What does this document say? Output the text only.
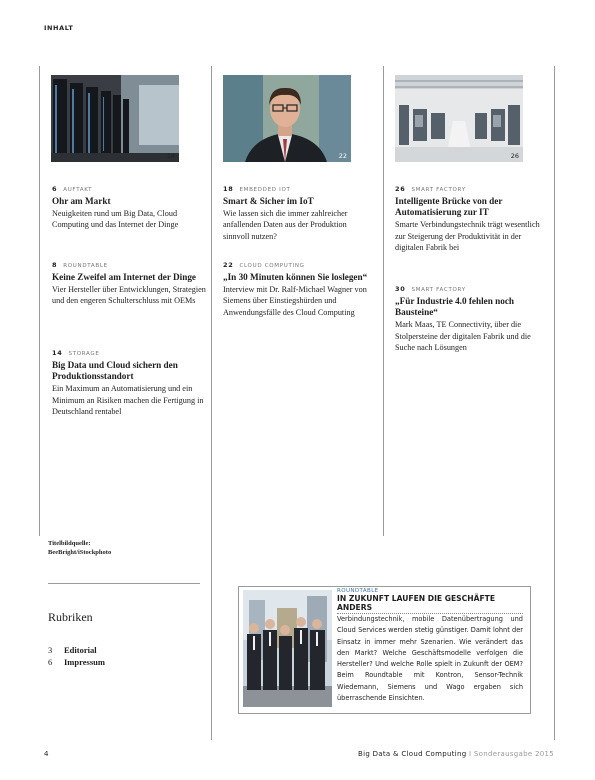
INHALT
14	22	26
6 AUFTAKT
Ohr am Markt
Neuigkeiten rund um Big Data, Cloud Computing und das Internet der Dinge
8 ROUNDTABLE
Keine Zweifel am Internet der Dinge
Vier Hersteller über Entwicklungen, Strategien und den engeren Schulterschluss mit OEMs
14 STORAGE
Big Data und Cloud sichern den Produktionsstandort
Ein Maximum an Automatisierung und ein Minimum an Risiken machen die Fertigung in Deutschland rentabel
18 EMBEDDED IOT
Smart & Sicher im IoT
Wie lassen sich die immer zahlreicher anfallenden Daten aus der Produktion sinnvoll nutzen?
22 CLOUD COMPUTING
„In 30 Minuten können Sie loslegen“
Interview mit Dr. Ralf-Michael Wagner von Siemens über Einstiegshürden und Anwendungsfälle des Cloud Computing
26 SMART FACTORY
Intelligente Brücke von der Automatisierung zur IT
Smarte Verbindungstechnik trägt wesentlich zur Steigerung der Produktivität in der digitalen Fabrik bei
30 SMART FACTORY
„Für Industrie 4.0 fehlen noch Bausteine“
Mark Maas, TE Connectivity, über die Stolpersteine der digitalen Fabrik und die Suche nach Lösungen
Titelbildquelle:
BeeBright/iStockphoto
Rubriken
3 Editorial
6 Impressum
ROUNDTABLE
IN ZUKUNFT LAUFEN DIE GESCHÄFTE ANDERS
Verbindungstechnik, mobile Datenübertragung und Cloud Services werden stetig günstiger. Damit lohnt der Einsatz in immer mehr Szenarien. Wie verändert das den Markt? Welche Geschäftsmodelle verfolgen die Hersteller? Und welche Rolle spielt in Zukunft der OEM? Beim Roundtable mit Kontron, Sensor-Technik Wiedemann, Siemens und Wago ergaben sich überraschende Einsichten.
4	Big Data & Cloud Computing I Sonderausgabe 2015
